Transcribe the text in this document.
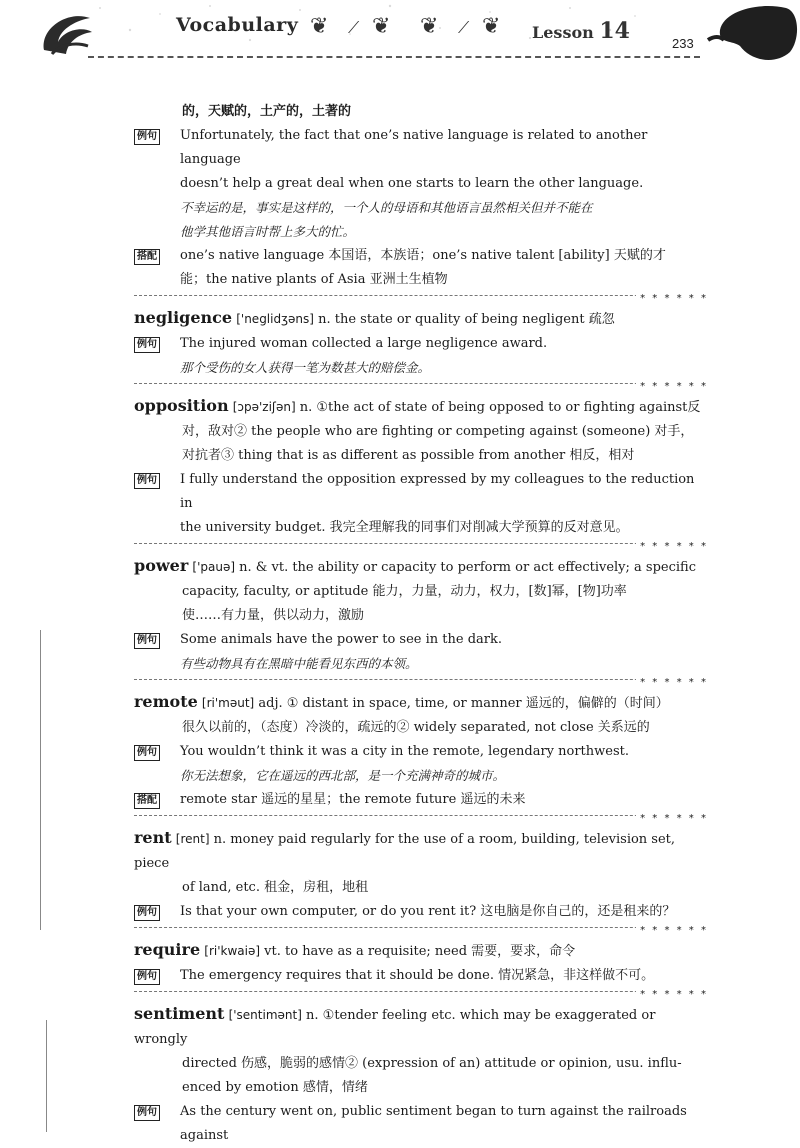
Vocabulary ❦ ⟋ ❦ ❦ ⟋ ❦ Lesson 14	233
的，天赋的，土产的，土著的
例句	Unfortunately, the fact that one’s native language is related to another language
doesn’t help a great deal when one starts to learn the other language.
不幸运的是，事实是这样的，一个人的母语和其他语言虽然相关但并不能在
他学其他语言时帮上多大的忙。
搭配	one’s native language 本国语，本族语；one’s native talent [ability] 天赋的才
能；the native plants of Asia 亚洲土生植物
* * * * * *
negligence ['neglidʒəns] n. the state or quality of being negligent 疏忽
例句	The injured woman collected a large negligence award.
那个受伤的女人获得一笔为数甚大的赔偿金。
* * * * * *
opposition [ɔpə'ziʃən] n. ①the act of state of being opposed to or fighting against反
对，敌对② the people who are fighting or competing against (someone) 对手，
对抗者③ thing that is as different as possible from another 相反，相对
例句	I fully understand the opposition expressed by my colleagues to the reduction in
the university budget. 我完全理解我的同事们对削减大学预算的反对意见。
* * * * * *
power ['pauə] n. & vt. the ability or capacity to perform or act effectively; a specific
capacity, faculty, or aptitude 能力，力量，动力，权力，[数]幂，[物]功率
使……有力量，供以动力，激励
例句	Some animals have the power to see in the dark.
有些动物具有在黑暗中能看见东西的本领。
* * * * * *
remote [ri'məut] adj. ① distant in space, time, or manner 遥远的，偏僻的（时间）
很久以前的，（态度）冷淡的，疏远的② widely separated, not close 关系远的
例句	You wouldn’t think it was a city in the remote, legendary northwest.
你无法想象，它在遥远的西北部，是一个充满神奇的城市。
搭配	remote star 遥远的星星；the remote future 遥远的未来
* * * * * *
rent [rent] n. money paid regularly for the use of a room, building, television set, piece
of land, etc. 租金，房租，地租
例句	Is that your own computer, or do you rent it? 这电脑是你自己的，还是租来的？
* * * * * *
require [ri'kwaiə] vt. to have as a requisite; need 需要，要求，命令
例句	The emergency requires that it should be done. 情况紧急，非这样做不可。
* * * * * *
sentiment ['sentimənt] n. ①tender feeling etc. which may be exaggerated or wrongly
directed 伤感，脆弱的感情② (expression of an) attitude or opinion, usu. influ-
enced by emotion 感情，情绪
例句	As the century went on, public sentiment began to turn against the railroads against
